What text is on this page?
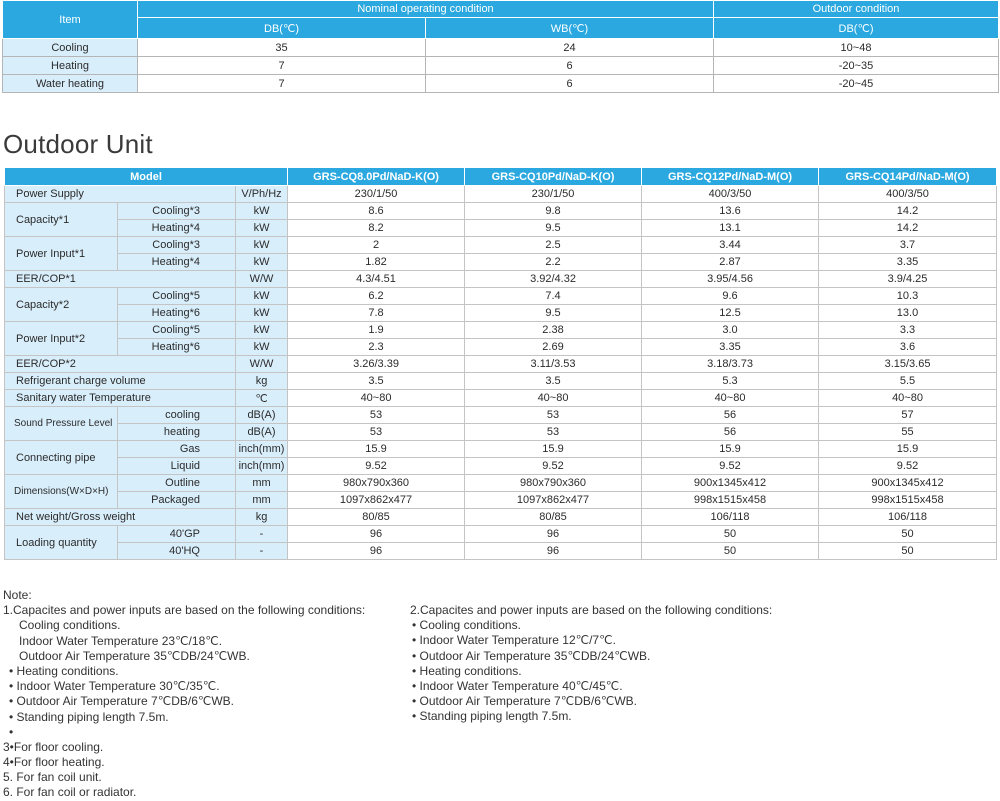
Item	Nominal operating condition		Outdoor condition
	DB(℃)	WB(℃)	DB(℃)
Cooling	35	24	10~48
Heating	7	6	-20~35
Water heating	7	6	-20~45
Outdoor Unit
Model			GRS-CQ8.0Pd/NaD-K(O)	GRS-CQ10Pd/NaD-K(O)	GRS-CQ12Pd/NaD-M(O)	GRS-CQ14Pd/NaD-M(O)
Power Supply		V/Ph/Hz	230/1/50	230/1/50	400/3/50	400/3/50
Capacity*1	Cooling*3	kW	8.6	9.8	13.6	14.2
	Heating*4	kW	8.2	9.5	13.1	14.2
Power Input*1	Cooling*3	kW	2	2.5	3.44	3.7
	Heating*4	kW	1.82	2.2	2.87	3.35
EER/COP*1		W/W	4.3/4.51	3.92/4.32	3.95/4.56	3.9/4.25
Capacity*2	Cooling*5	kW	6.2	7.4	9.6	10.3
	Heating*6	kW	7.8	9.5	12.5	13.0
Power Input*2	Cooling*5	kW	1.9	2.38	3.0	3.3
	Heating*6	kW	2.3	2.69	3.35	3.6
EER/COP*2		W/W	3.26/3.39	3.11/3.53	3.18/3.73	3.15/3.65
Refrigerant charge volume		kg	3.5	3.5	5.3	5.5
Sanitary water Temperature		℃	40~80	40~80	40~80	40~80
Sound Pressure Level	cooling	dB(A)	53	53	56	57
	heating	dB(A)	53	53	56	55
Connecting pipe	Gas	inch(mm)	15.9	15.9	15.9	15.9
	Liquid	inch(mm)	9.52	9.52	9.52	9.52
Dimensions(W×D×H)	Outline	mm	980x790x360	980x790x360	900x1345x412	900x1345x412
	Packaged	mm	1097x862x477	1097x862x477	998x1515x458	998x1515x458
Net weight/Gross weight		kg	80/85	80/85	106/118	106/118
Loading quantity	40'GP	-	96	96	50	50
	40'HQ	-	96	96	50	50
Note:
1.Capacites and power inputs are based on the following conditions:
Cooling conditions.
Indoor Water Temperature 23℃/18℃.
Outdoor Air Temperature 35℃DB/24℃WB.
• Heating conditions.
• Indoor Water Temperature 30℃/35℃.
• Outdoor Air Temperature 7℃DB/6℃WB.
• Standing piping length 7.5m.
•
3•For floor cooling.
4•For floor heating.
5. For fan coil unit.
6. For fan coil or radiator.
2.Capacites and power inputs are based on the following conditions:
• Cooling conditions.
• Indoor Water Temperature 12℃/7℃.
• Outdoor Air Temperature 35℃DB/24℃WB.
• Heating conditions.
• Indoor Water Temperature 40℃/45℃.
• Outdoor Air Temperature 7℃DB/6℃WB.
• Standing piping length 7.5m.
